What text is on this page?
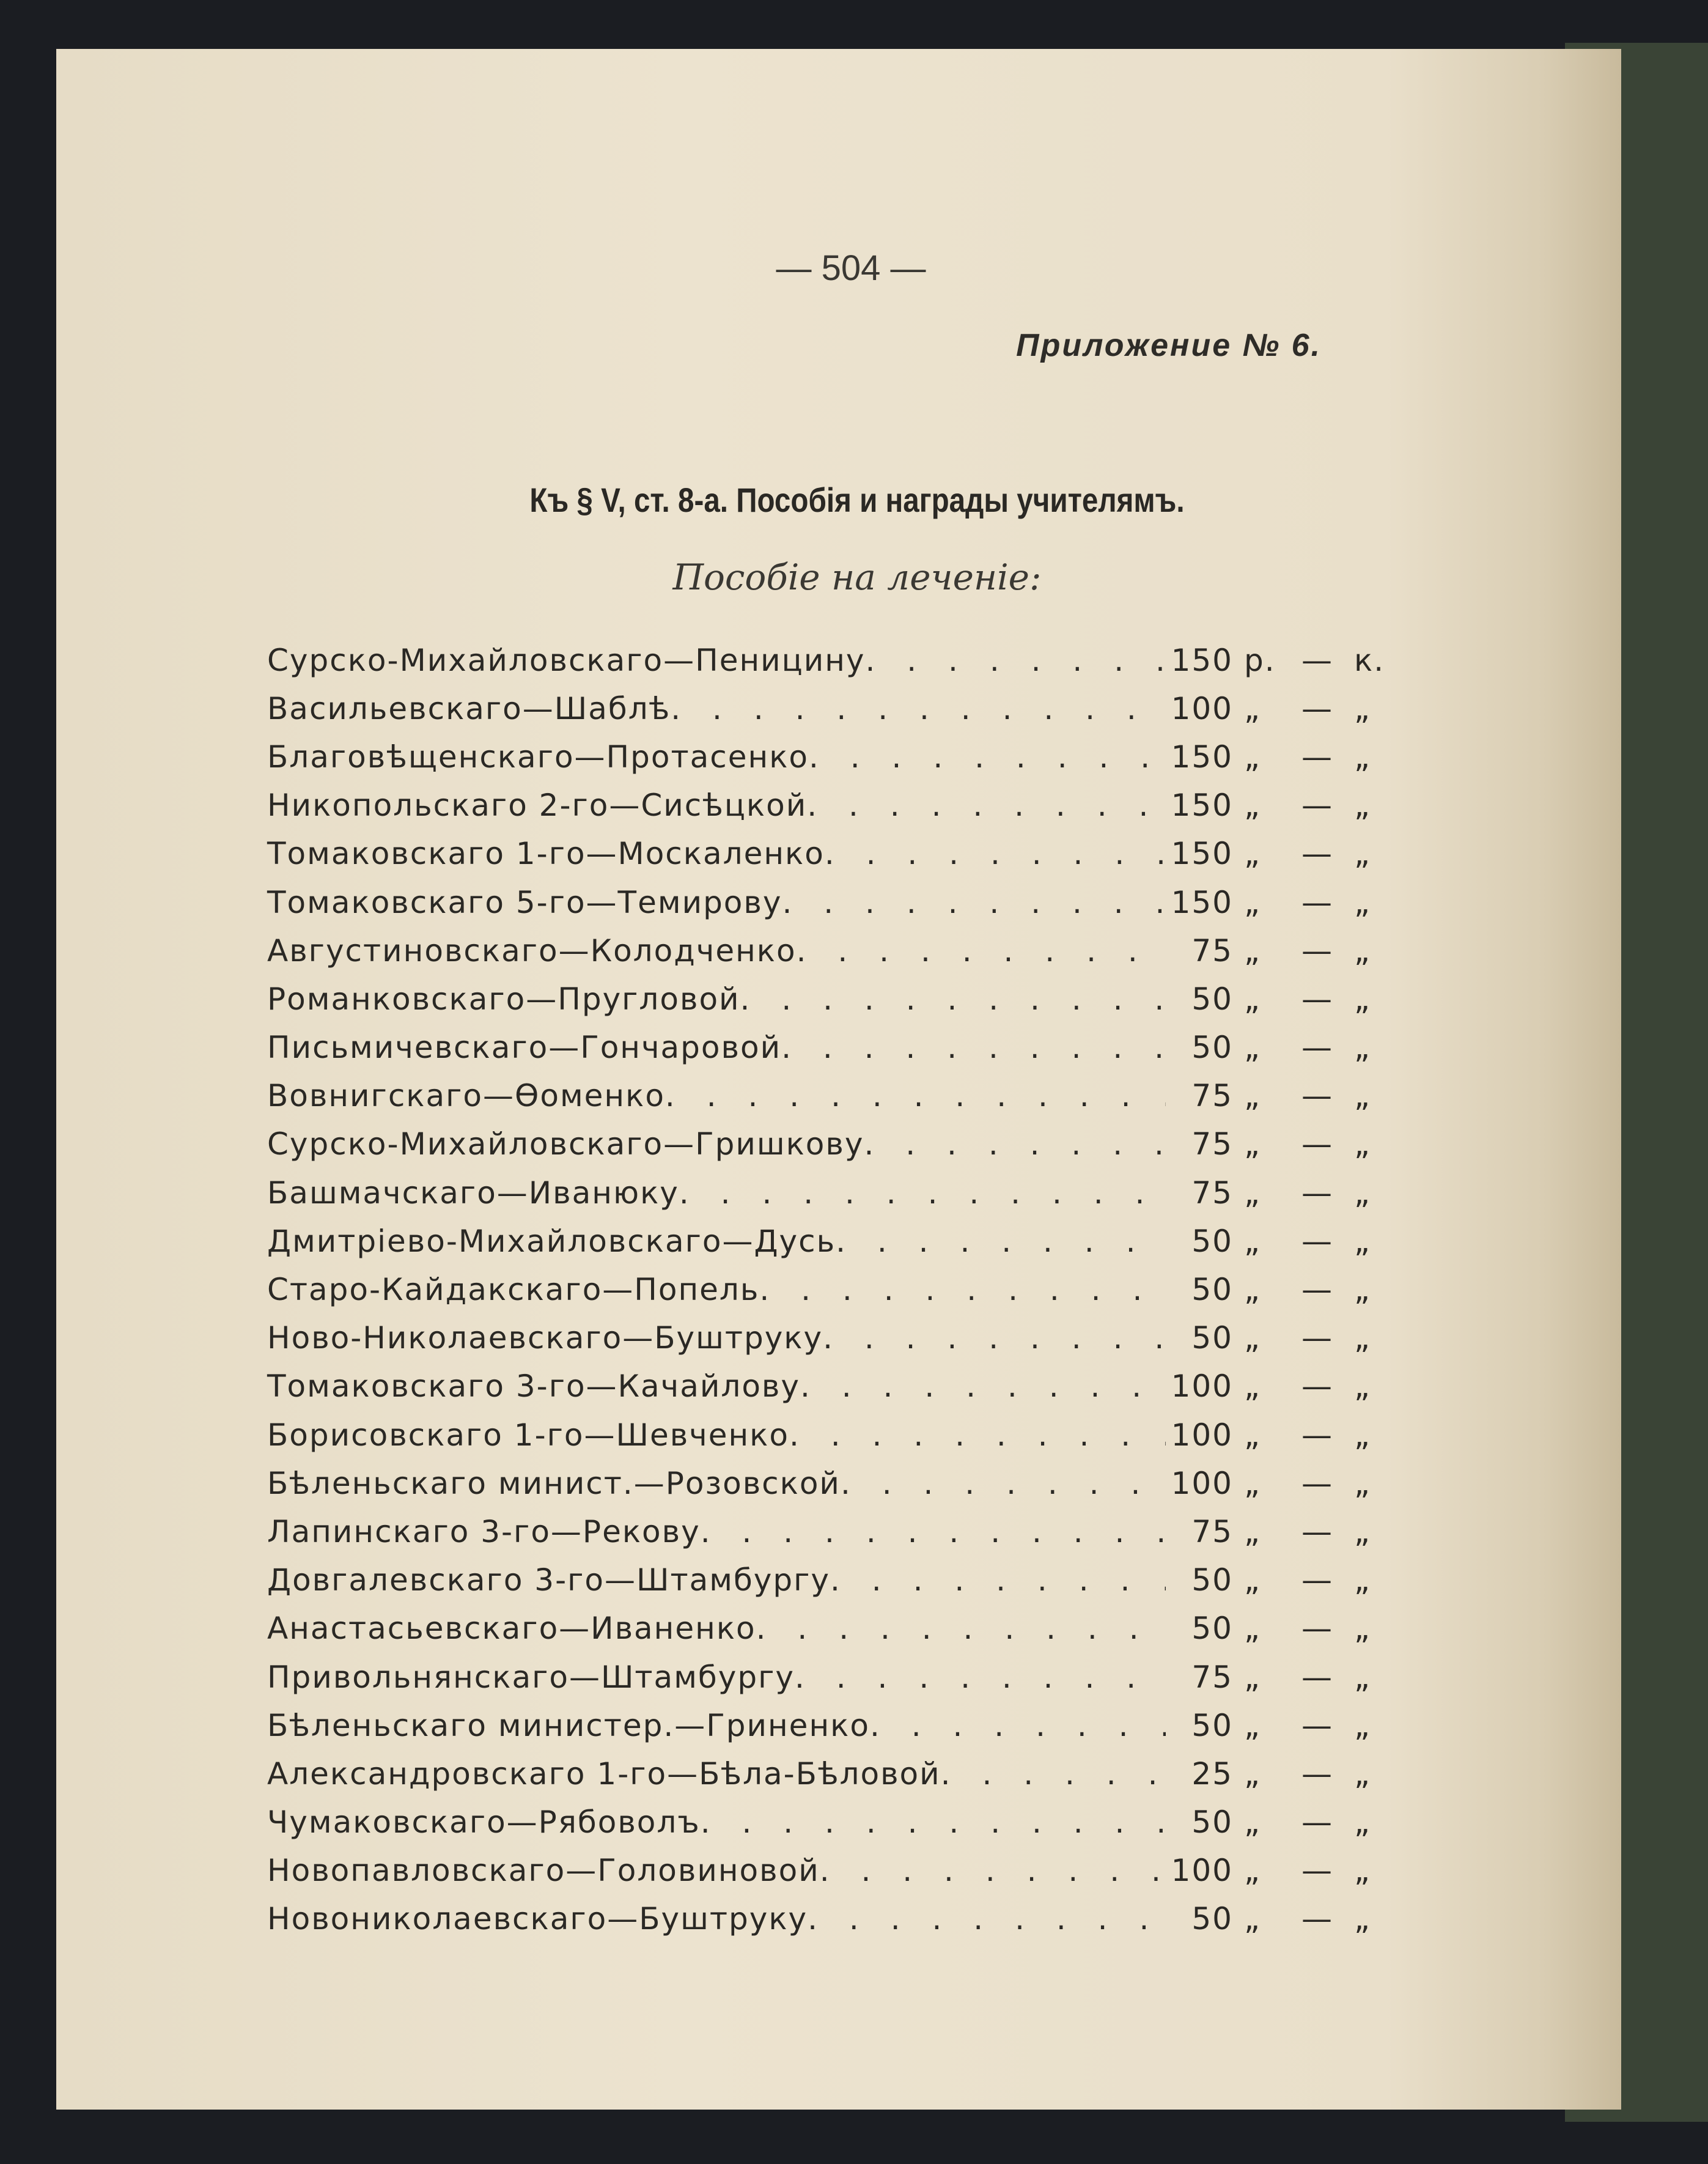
— 504 —
Приложение № 6.
Къ § V, ст. 8-а. Пособія и награды учителямъ.
Пособіе на леченіе:
Сурско-Михайловскаго—Пеницину . . .	150 р. — к.
Васильевскаго—Шаблѣ . . .	100 „	— „
Благовѣщенскаго—Протасенко . . .	150 „	— „
Никопольскаго 2-го—Сисѣцкой . . .	150 „	— „
Томаковскаго 1-го—Москаленко . . .	150 „	— „
Томаковскаго 5-го—Темирову . . .	150 „	— „
Августиновскаго—Колодченко . . .	75 „	— „
Романковскаго—Пругловой . . .	50 „	— „
Письмичевскаго—Гончаровой . . .	50 „	— „
Вовнигскаго—Ѳоменко . . .	75 „	— „
Сурско-Михайловскаго—Гришкову . . .	75 „	— „
Башмачскаго—Иванюку . . .	75 „	— „
Дмитріево-Михайловскаго—Дусь . . .	50 „	— „
Старо-Кайдакскаго—Попель . . .	50 „	— „
Ново-Николаевскаго—Буштруку . . .	50 „	— „
Томаковскаго 3-го—Качайлову . . .	100 „	— „
Борисовскаго 1-го—Шевченко . . .	100 „	— „
Бѣленьскаго минист.—Розовской . . .	100 „	— „
Лапинскаго 3-го—Рекову . . .	75 „	— „
Довгалевскаго 3-го—Штамбургу . . .	50 „	— „
Анастасьевскаго—Иваненко . . .	50 „	— „
Привольнянскаго—Штамбургу . . .	75 „	— „
Бѣленьскаго министер.—Гриненко . . .	50 „	— „
Александровскаго 1-го—Бѣла-Бѣловой . . .	25 „	— „
Чумаковскаго—Рябоволъ . . .	50 „	— „
Новопавловскаго—Головиновой . . .	100 „	— „
Новониколаевскаго—Буштруку . . .	50 „	— „
